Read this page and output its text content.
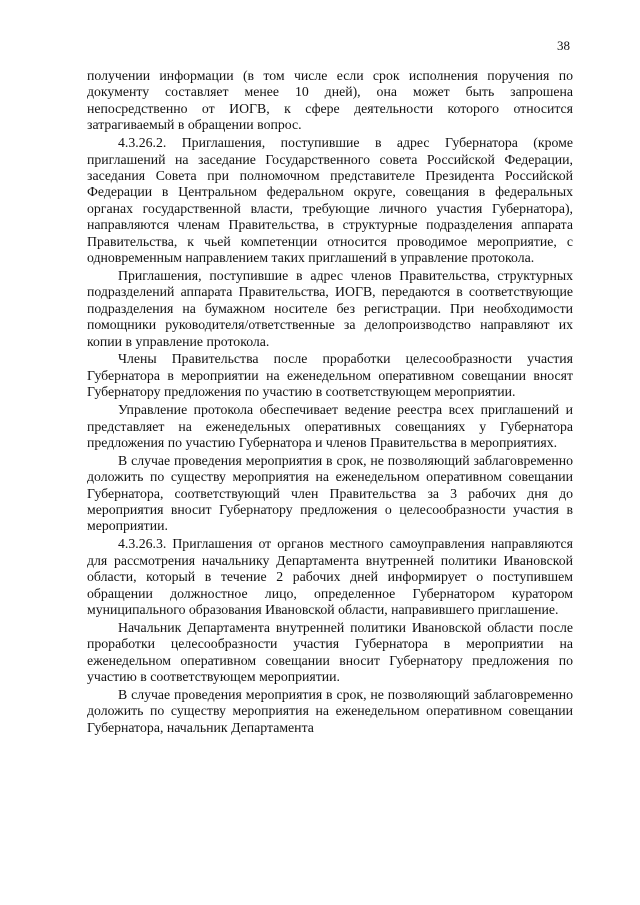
38

получении информации (в том числе если срок исполнения поручения по документу составляет менее 10 дней), она может быть запрошена непосредственно от ИОГВ, к сфере деятельности которого относится затрагиваемый в обращении вопрос.

4.3.26.2. Приглашения, поступившие в адрес Губернатора (кроме приглашений на заседание Государственного совета Российской Федерации, заседания Совета при полномочном представителе Президента Российской Федерации в Центральном федеральном округе, совещания в федеральных органах государственной власти, требующие личного участия Губернатора), направляются членам Правительства, в структурные подразделения аппарата Правительства, к чьей компетенции относится проводимое мероприятие, с одновременным направлением таких приглашений в управление протокола.

Приглашения, поступившие в адрес членов Правительства, структурных подразделений аппарата Правительства, ИОГВ, передаются в соответствующие подразделения на бумажном носителе без регистрации. При необходимости помощники руководителя/ответственные за делопроизводство направляют их копии в управление протокола.

Члены Правительства после проработки целесообразности участия Губернатора в мероприятии на еженедельном оперативном совещании вносят Губернатору предложения по участию в соответствующем мероприятии.

Управление протокола обеспечивает ведение реестра всех приглашений и представляет на еженедельных оперативных совещаниях у Губернатора предложения по участию Губернатора и членов Правительства в мероприятиях.

В случае проведения мероприятия в срок, не позволяющий заблаговременно доложить по существу мероприятия на еженедельном оперативном совещании Губернатора, соответствующий член Правительства за 3 рабочих дня до мероприятия вносит Губернатору предложения о целесообразности участия в мероприятии.

4.3.26.3. Приглашения от органов местного самоуправления направляются для рассмотрения начальнику Департамента внутренней политики Ивановской области, который в течение 2 рабочих дней информирует о поступившем обращении должностное лицо, определенное Губернатором куратором муниципального образования Ивановской области, направившего приглашение.

Начальник Департамента внутренней политики Ивановской области после проработки целесообразности участия Губернатора в мероприятии на еженедельном оперативном совещании вносит Губернатору предложения по участию в соответствующем мероприятии.

В случае проведения мероприятия в срок, не позволяющий заблаговременно доложить по существу мероприятия на еженедельном оперативном совещании Губернатора, начальник Департамента
